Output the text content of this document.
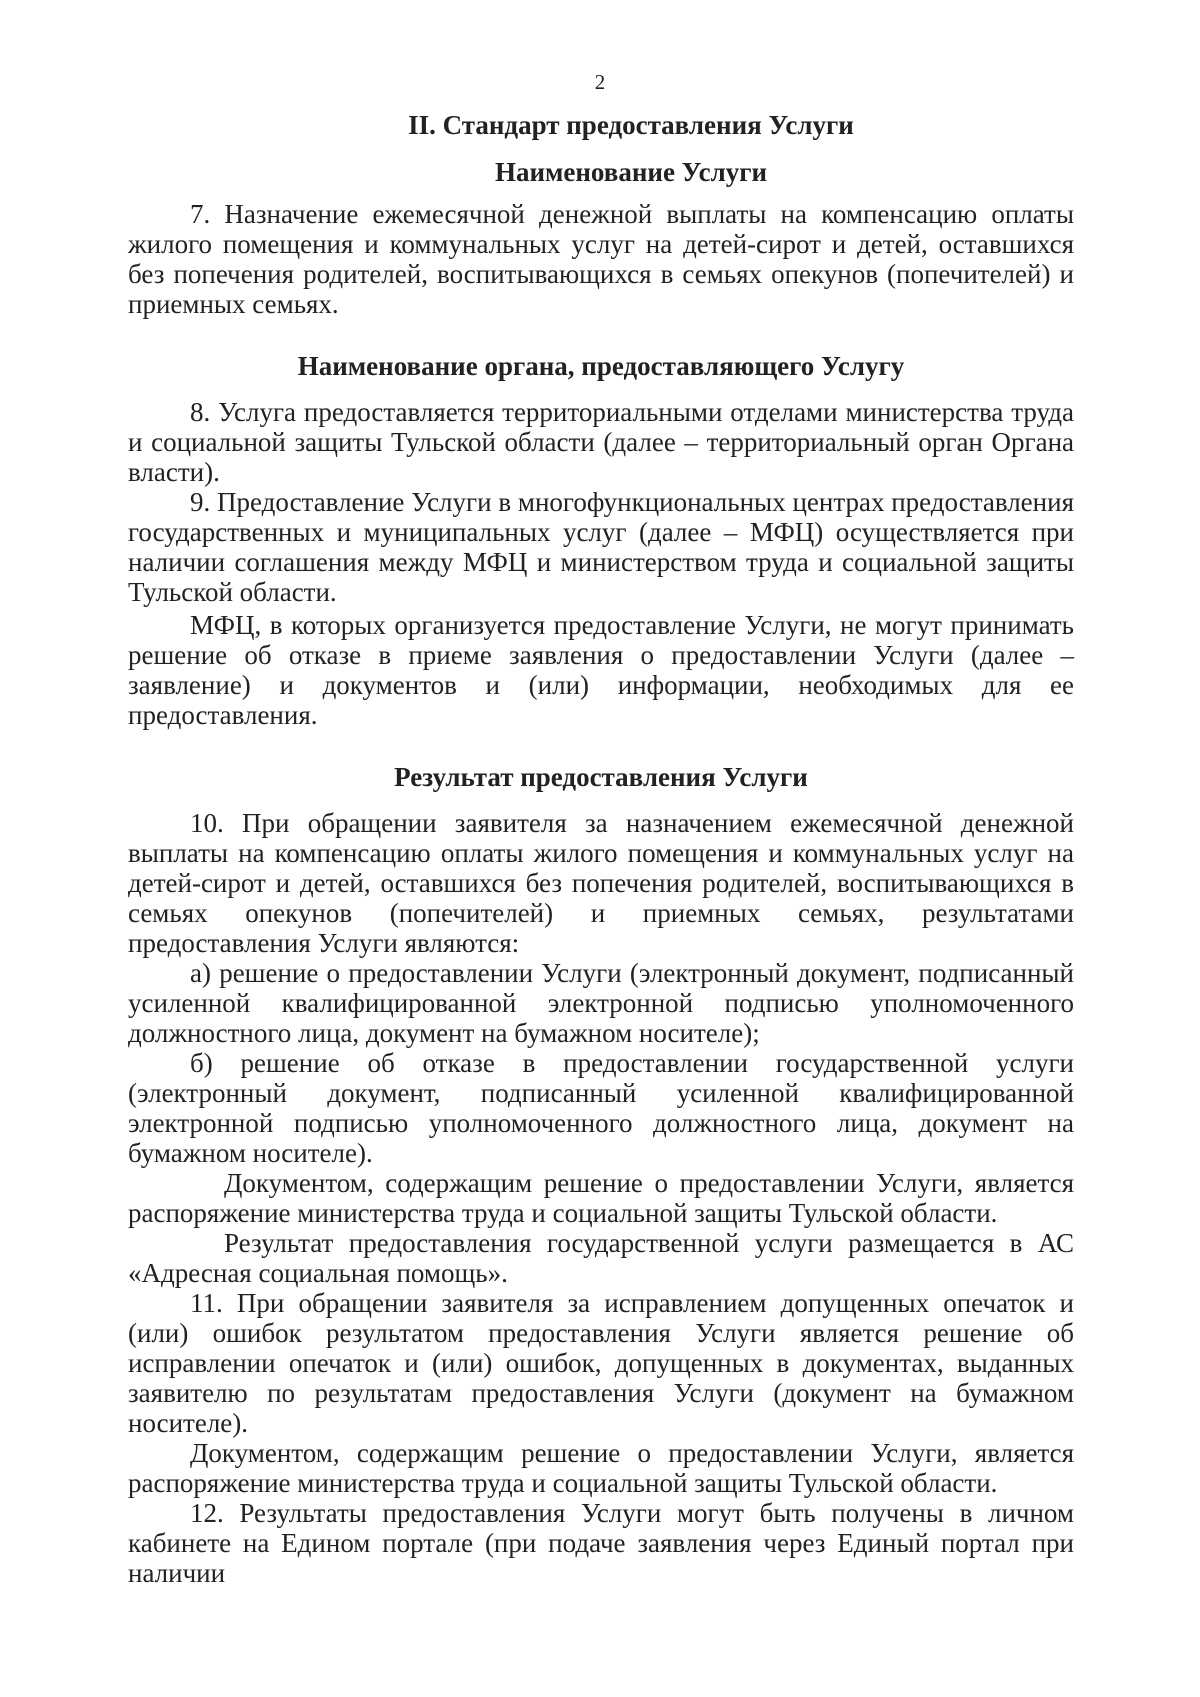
2
II. Стандарт предоставления Услуги
Наименование Услуги

7. Назначение ежемесячной денежной выплаты на компенсацию оплаты жилого помещения и коммунальных услуг на детей-сирот и детей, оставшихся без попечения родителей, воспитывающихся в семьях опекунов (попечителей) и приемных семьях.

Наименование органа, предоставляющего Услугу

8. Услуга предоставляется территориальными отделами министерства труда и социальной защиты Тульской области (далее – территориальный орган Органа власти).

9. Предоставление Услуги в многофункциональных центрах предоставления государственных и муниципальных услуг (далее – МФЦ) осуществляется при наличии соглашения между МФЦ и министерством труда и социальной защиты Тульской области.

МФЦ, в которых организуется предоставление Услуги, не могут принимать решение об отказе в приеме заявления о предоставлении Услуги (далее – заявление) и документов и (или) информации, необходимых для ее предоставления.

Результат предоставления Услуги

10. При обращении заявителя за назначением ежемесячной денежной выплаты на компенсацию оплаты жилого помещения и коммунальных услуг на детей-сирот и детей, оставшихся без попечения родителей, воспитывающихся в семьях опекунов (попечителей) и приемных семьях, результатами предоставления Услуги являются:

а) решение о предоставлении Услуги (электронный документ, подписанный усиленной квалифицированной электронной подписью уполномоченного должностного лица, документ на бумажном носителе);

б) решение об отказе в предоставлении государственной услуги (электронный документ, подписанный усиленной квалифицированной электронной подписью уполномоченного должностного лица, документ на бумажном носителе).

Документом, содержащим решение о предоставлении Услуги, является распоряжение министерства труда и социальной защиты Тульской области.

Результат предоставления государственной услуги размещается в АС «Адресная социальная помощь».

11. При обращении заявителя за исправлением допущенных опечаток и (или) ошибок результатом предоставления Услуги является решение об исправлении опечаток и (или) ошибок, допущенных в документах, выданных заявителю по результатам предоставления Услуги (документ на бумажном носителе).

Документом, содержащим решение о предоставлении Услуги, является распоряжение министерства труда и социальной защиты Тульской области.

12. Результаты предоставления Услуги могут быть получены в личном кабинете на Едином портале (при подаче заявления через Единый портал при наличии
